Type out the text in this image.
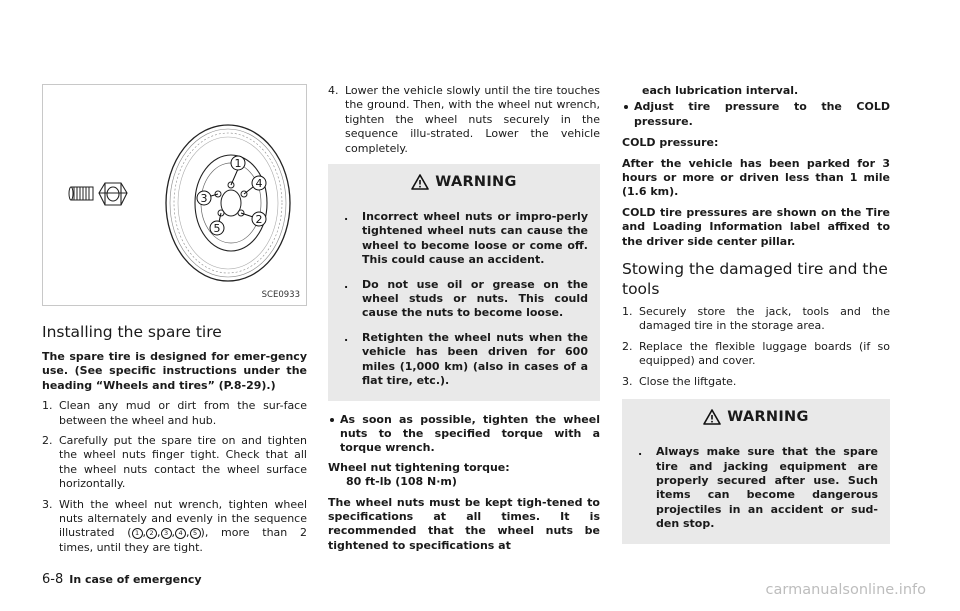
1
2
3
4
5
SCE0933
Installing the spare tire

The spare tire is designed for emer-gency use. (See specific instructions under the heading “Wheels and tires” (P.8-29).)

1. Clean any mud or dirt from the sur-face between the wheel and hub.
2. Carefully put the spare tire on and tighten the wheel nuts finger tight. Check that all the wheel nuts contact the wheel surface horizontally.
3. With the wheel nut wrench, tighten wheel nuts alternately and evenly in the sequence illustrated ( 1 , 2 , 3 , 4 , 5 ), more than 2 times, until they are tight.
4. Lower the vehicle slowly until the tire touches the ground. Then, with the wheel nut wrench, tighten the wheel nuts securely in the sequence illu-strated. Lower the vehicle completely.
WARNING
. Incorrect wheel nuts or impro-perly tightened wheel nuts can cause the wheel to become loose or come off. This could cause an accident.
. Do not use oil or grease on the wheel studs or nuts. This could cause the nuts to become loose.
. Retighten the wheel nuts when the vehicle has been driven for 600 miles (1,000 km) (also in cases of a flat tire, etc.).
As soon as possible, tighten the wheel nuts to the specified torque with a torque wrench.

Wheel nut tightening torque:

80 ft-lb (108 N·m)

The wheel nuts must be kept tigh-tened to specifications at all times. It is recommended that the wheel nuts be tightened to specifications at

each lubrication interval.

Adjust tire pressure to the COLD pressure.

COLD pressure:

After the vehicle has been parked for 3 hours or more or driven less than 1 mile (1.6 km).

COLD tire pressures are shown on the Tire and Loading Information label affixed to the driver side center pillar.

Stowing the damaged tire and the tools
1. Securely store the jack, tools and the damaged tire in the storage area.
2. Replace the flexible luggage boards (if so equipped) and cover.
3. Close the liftgate.
WARNING
. Always make sure that the spare tire and jacking equipment are properly secured after use. Such items can become dangerous projectiles in an accident or sud-den stop.
6-8 In case of emergency
carmanualsonline.info
